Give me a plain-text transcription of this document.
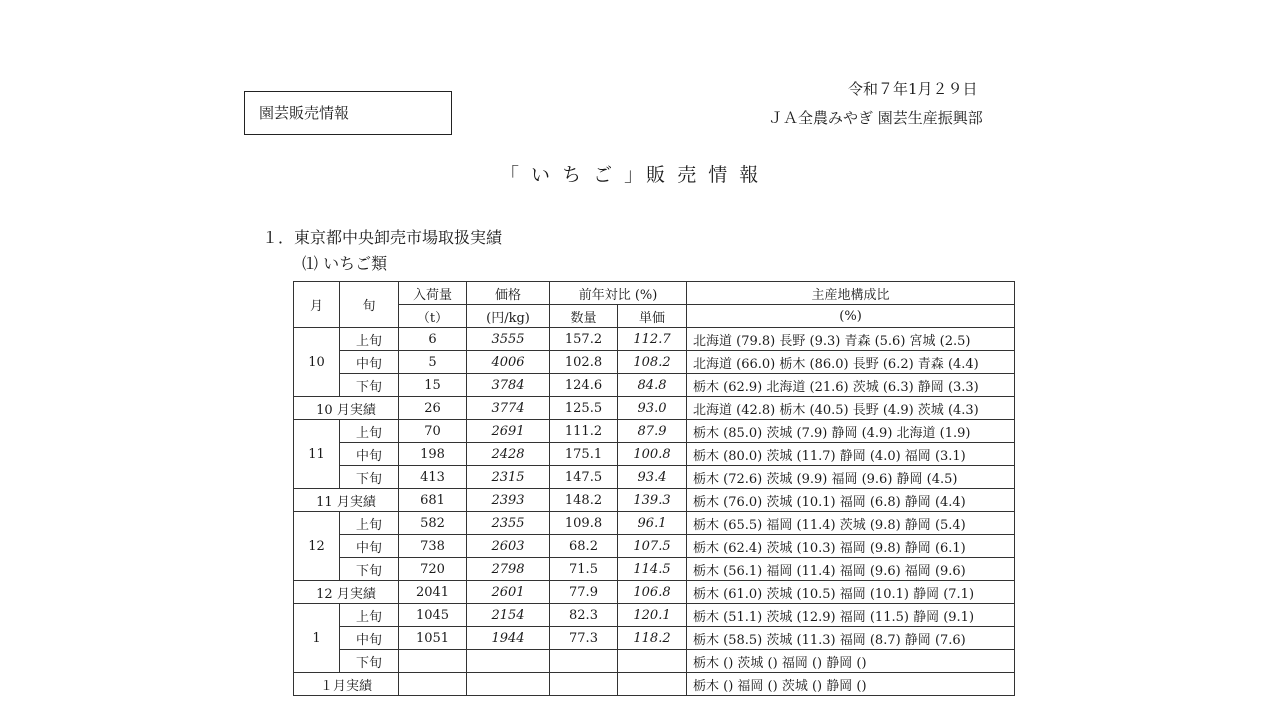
令和７年1月２９日
園芸販売情報	ＪＡ全農みやぎ 園芸生産振興部
「 い ち ご 」販 売 情 報
１．東京都中央卸売市場取扱実績
⑴ いちご類
月	旬	入荷量	価格	前年対比 (%)		主産地構成比
		（t）	(円/kg)	数量	単価	(%)
10	上旬	6	3555	157.2	112.7	北海道 (79.8) 長野 (9.3) 青森 (5.6) 宮城 (2.5)
	中旬	5	4006	102.8	108.2	北海道 (66.0) 栃木 (86.0) 長野 (6.2) 青森 (4.4)
	下旬	15	3784	124.6	84.8	栃木 (62.9) 北海道 (21.6) 茨城 (6.3) 静岡 (3.3)
10 月実績		26	3774	125.5	93.0	北海道 (42.8) 栃木 (40.5) 長野 (4.9) 茨城 (4.3)
11	上旬	70	2691	111.2	87.9	栃木 (85.0) 茨城 (7.9) 静岡 (4.9) 北海道 (1.9)
	中旬	198	2428	175.1	100.8	栃木 (80.0) 茨城 (11.7) 静岡 (4.0) 福岡 (3.1)
	下旬	413	2315	147.5	93.4	栃木 (72.6) 茨城 (9.9) 福岡 (9.6) 静岡 (4.5)
11 月実績		681	2393	148.2	139.3	栃木 (76.0) 茨城 (10.1) 福岡 (6.8) 静岡 (4.4)
12	上旬	582	2355	109.8	96.1	栃木 (65.5) 福岡 (11.4) 茨城 (9.8) 静岡 (5.4)
	中旬	738	2603	68.2	107.5	栃木 (62.4) 茨城 (10.3) 福岡 (9.8) 静岡 (6.1)
	下旬	720	2798	71.5	114.5	栃木 (56.1) 福岡 (11.4) 福岡 (9.6) 福岡 (9.6)
12 月実績		2041	2601	77.9	106.8	栃木 (61.0) 茨城 (10.5) 福岡 (10.1) 静岡 (7.1)
1	上旬	1045	2154	82.3	120.1	栃木 (51.1) 茨城 (12.9) 福岡 (11.5) 静岡 (9.1)
	中旬	1051	1944	77.3	118.2	栃木 (58.5) 茨城 (11.3) 福岡 (8.7) 静岡 (7.6)
	下旬					栃木 () 茨城 () 福岡 () 静岡 ()
１月実績						栃木 () 福岡 () 茨城 () 静岡 ()
